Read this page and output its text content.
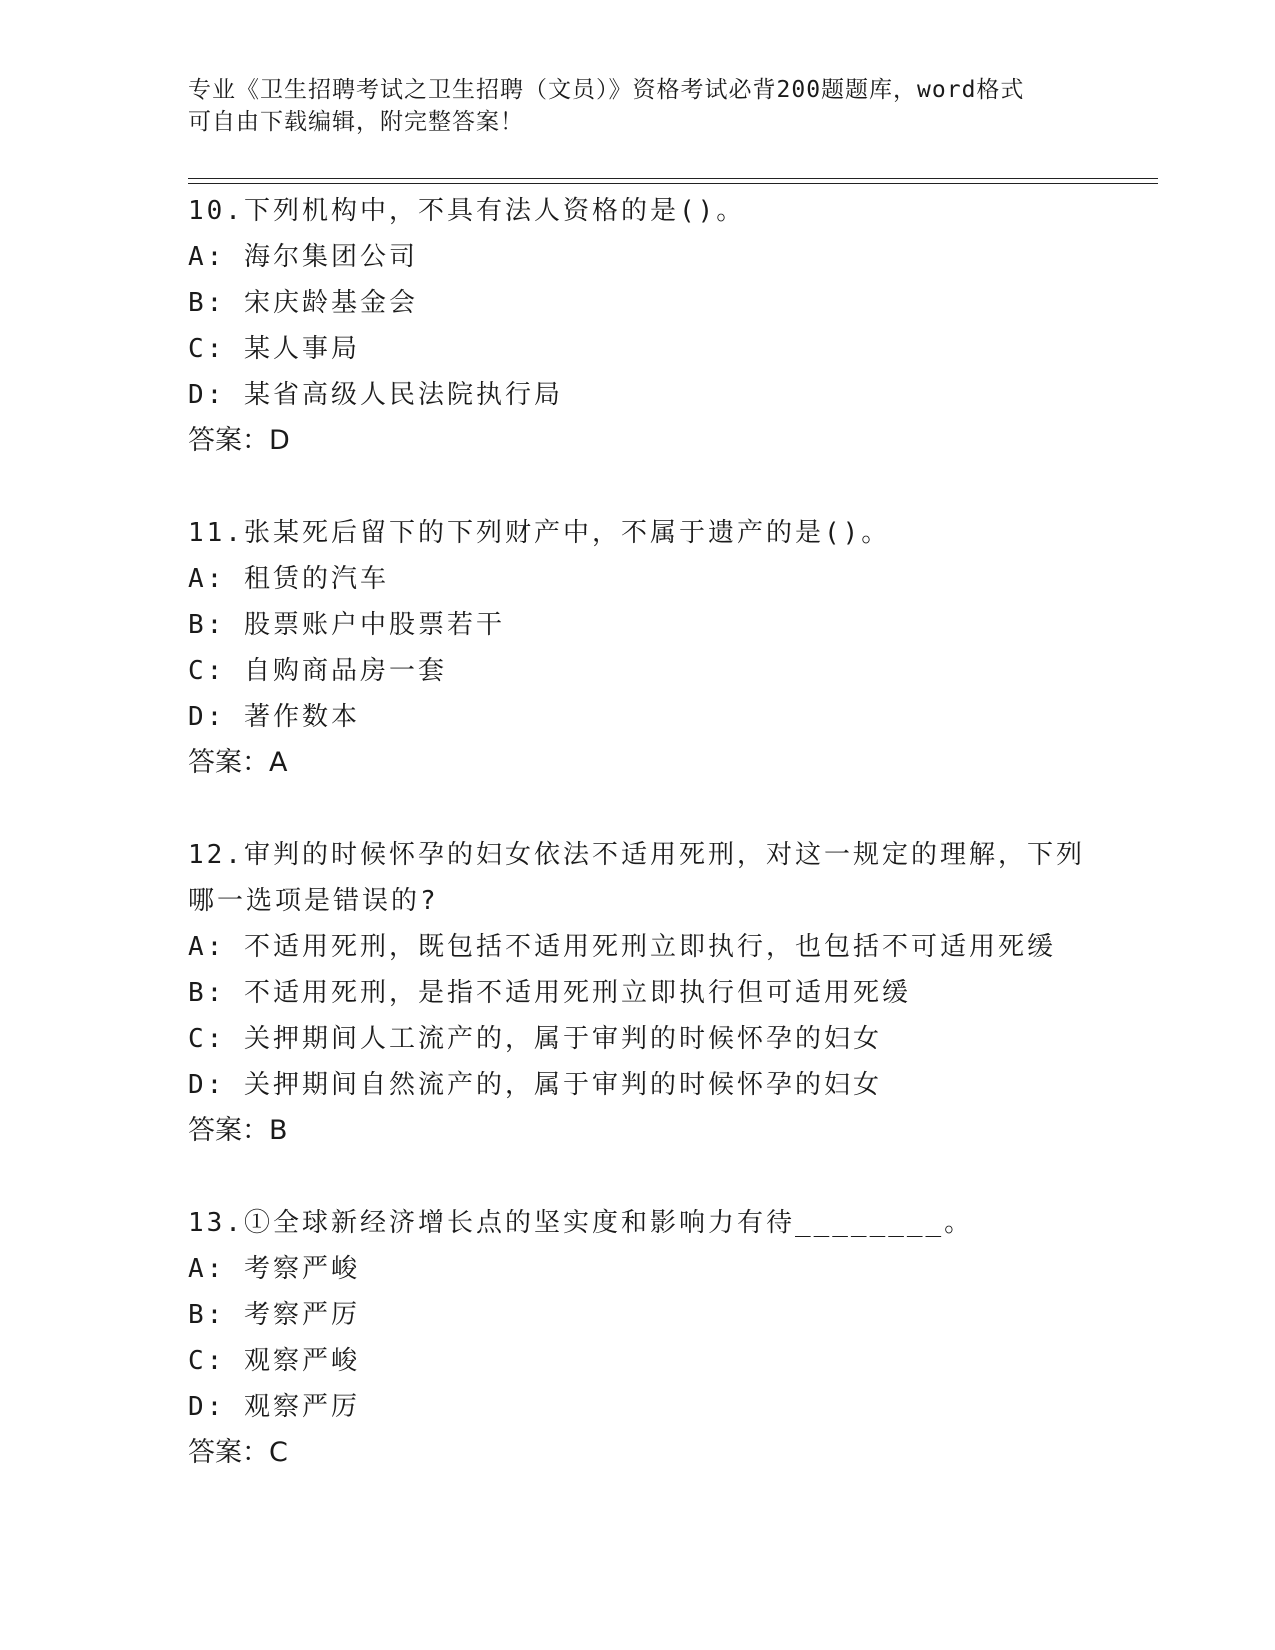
专业《卫生招聘考试之卫生招聘（文员）》资格考试必背200题题库，word格式
可自由下载编辑，附完整答案！
10.下列机构中，不具有法人资格的是()。
A: 海尔集团公司
B: 宋庆龄基金会
C: 某人事局
D: 某省高级人民法院执行局
答案：D
11.张某死后留下的下列财产中，不属于遗产的是()。
A: 租赁的汽车
B: 股票账户中股票若干
C: 自购商品房一套
D: 著作数本
答案：A
12.审判的时候怀孕的妇女依法不适用死刑，对这一规定的理解，下列
哪一选项是错误的?
A: 不适用死刑，既包括不适用死刑立即执行，也包括不可适用死缓
B: 不适用死刑，是指不适用死刑立即执行但可适用死缓
C: 关押期间人工流产的，属于审判的时候怀孕的妇女
D: 关押期间自然流产的，属于审判的时候怀孕的妇女
答案：B
13.①全球新经济增长点的坚实度和影响力有待________。
A: 考察严峻
B: 考察严厉
C: 观察严峻
D: 观察严厉
答案：C
